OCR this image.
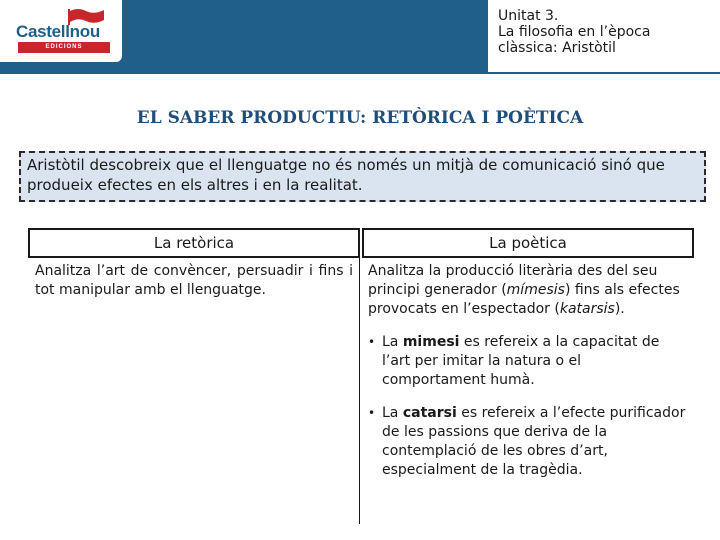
Castellnou
EDICIONS
Unitat 3.
La filosofia en l’època
clàssica: Aristòtil
EL SABER PRODUCTIU: RETÒRICA I POÈTICA
Aristòtil descobreix que el llenguatge no és només un mitjà de comunicació sinó que produeix efectes en els altres i en la realitat.
La retòrica	La poètica
Analitza l’art de convèncer, persuadir i fins i tot manipular amb el llenguatge.
Analitza la producció literària des del seu principi generador (mímesis) fins als efectes provocats en l’espectador (katarsis).
• La mimesi es refereix a la capacitat de l’art per imitar la natura o el comportament humà.
• La catarsi es refereix a l’efecte purificador de les passions que deriva de la contemplació de les obres d’art, especialment de la tragèdia.
